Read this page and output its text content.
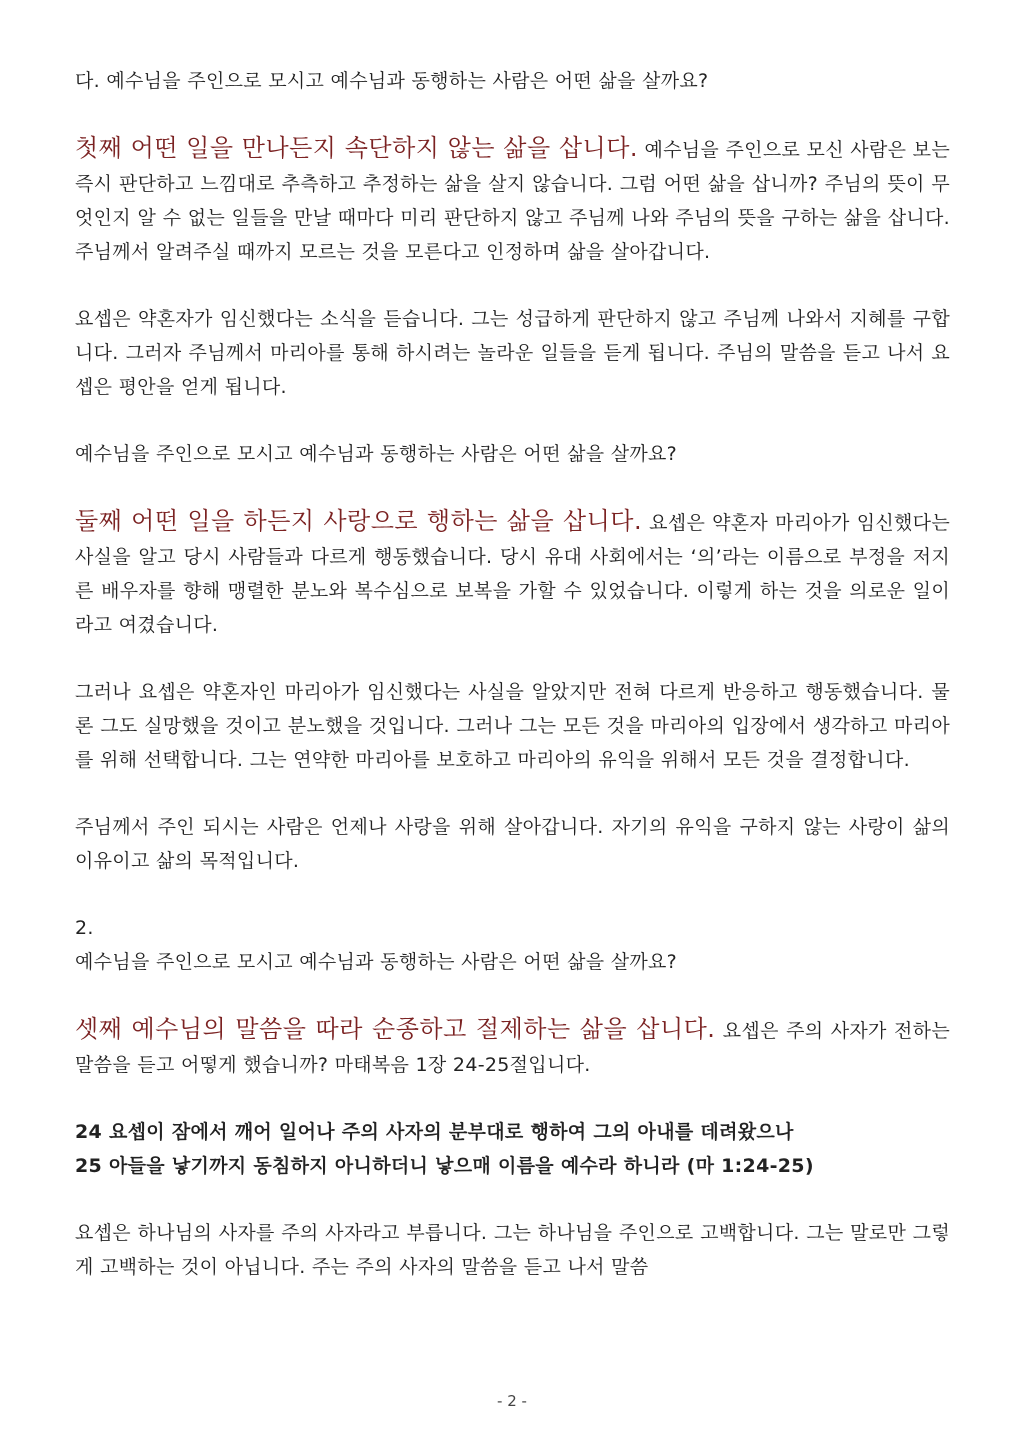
다. 예수님을 주인으로 모시고 예수님과 동행하는 사람은 어떤 삶을 살까요?

첫째 어떤 일을 만나든지 속단하지 않는 삶을 삽니다. 예수님을 주인으로 모신 사람은 보는 즉시 판단하고 느낌대로 추측하고 추정하는 삶을 살지 않습니다. 그럼 어떤 삶을 삽니까? 주님의 뜻이 무엇인지 알 수 없는 일들을 만날 때마다 미리 판단하지 않고 주님께 나와 주님의 뜻을 구하는 삶을 삽니다. 주님께서 알려주실 때까지 모르는 것을 모른다고 인정하며 삶을 살아갑니다.

요셉은 약혼자가 임신했다는 소식을 듣습니다. 그는 성급하게 판단하지 않고 주님께 나와서 지혜를 구합니다. 그러자 주님께서 마리아를 통해 하시려는 놀라운 일들을 듣게 됩니다. 주님의 말씀을 듣고 나서 요셉은 평안을 얻게 됩니다.

예수님을 주인으로 모시고 예수님과 동행하는 사람은 어떤 삶을 살까요?

둘째 어떤 일을 하든지 사랑으로 행하는 삶을 삽니다. 요셉은 약혼자 마리아가 임신했다는 사실을 알고 당시 사람들과 다르게 행동했습니다. 당시 유대 사회에서는 ‘의’라는 이름으로 부정을 저지른 배우자를 향해 맹렬한 분노와 복수심으로 보복을 가할 수 있었습니다. 이렇게 하는 것을 의로운 일이라고 여겼습니다.

그러나 요셉은 약혼자인 마리아가 임신했다는 사실을 알았지만 전혀 다르게 반응하고 행동했습니다. 물론 그도 실망했을 것이고 분노했을 것입니다. 그러나 그는 모든 것을 마리아의 입장에서 생각하고 마리아를 위해 선택합니다. 그는 연약한 마리아를 보호하고 마리아의 유익을 위해서 모든 것을 결정합니다.

주님께서 주인 되시는 사람은 언제나 사랑을 위해 살아갑니다. 자기의 유익을 구하지 않는 사랑이 삶의 이유이고 삶의 목적입니다.

2.

예수님을 주인으로 모시고 예수님과 동행하는 사람은 어떤 삶을 살까요?

셋째 예수님의 말씀을 따라 순종하고 절제하는 삶을 삽니다. 요셉은 주의 사자가 전하는 말씀을 듣고 어떻게 했습니까? 마태복음 1장 24-25절입니다.

24 요셉이 잠에서 깨어 일어나 주의 사자의 분부대로 행하여 그의 아내를 데려왔으나

25 아들을 낳기까지 동침하지 아니하더니 낳으매 이름을 예수라 하니라 (마 1:24-25)

요셉은 하나님의 사자를 주의 사자라고 부릅니다. 그는 하나님을 주인으로 고백합니다. 그는 말로만 그렇게 고백하는 것이 아닙니다. 주는 주의 사자의 말씀을 듣고 나서 말씀

- 2 -
